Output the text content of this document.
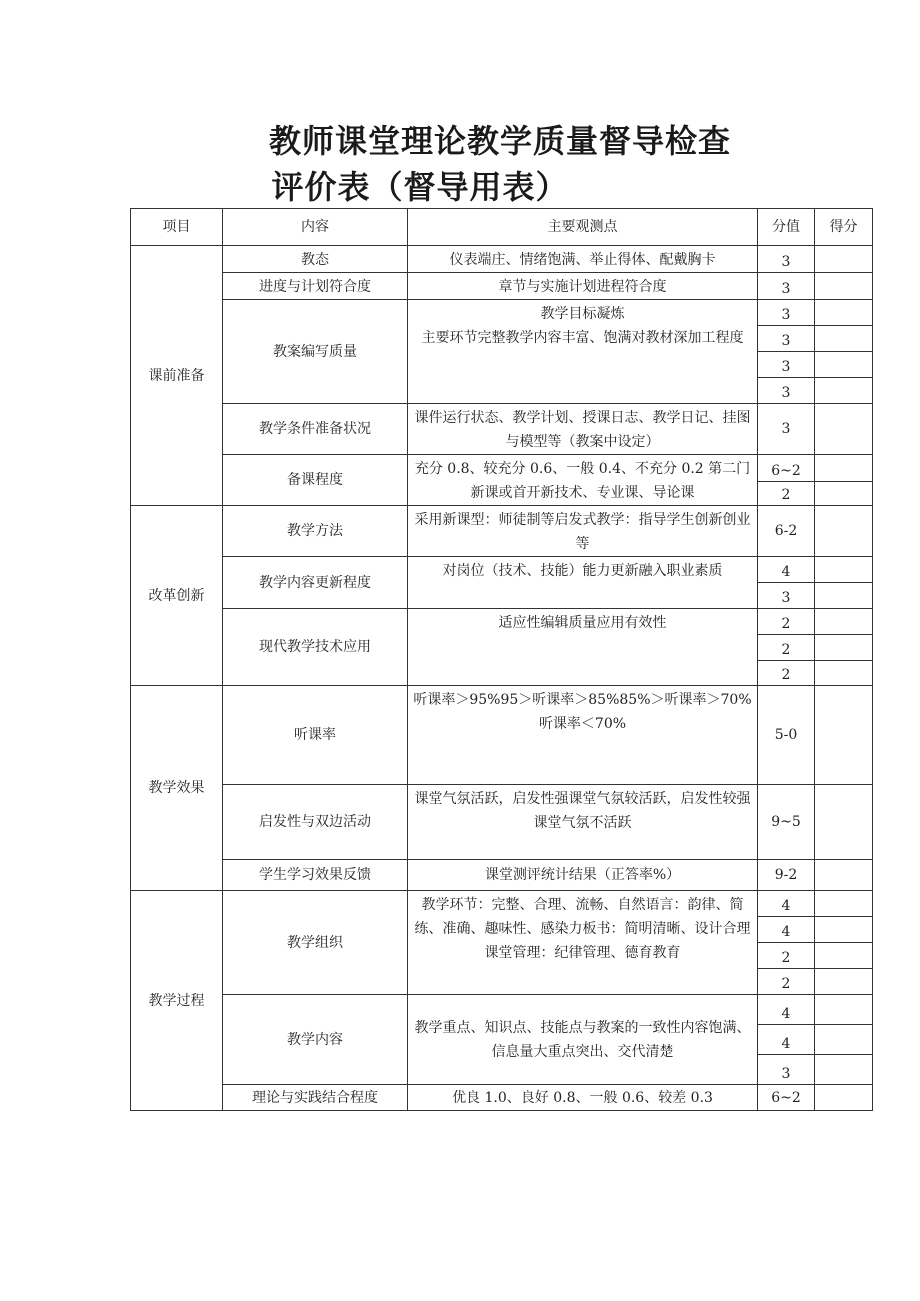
教师课堂理论教学质量督导检查
评价表（督导用表）
项目	内容	主要观测点	分值	得分
课前准备	教态	仪表端庄、情绪饱满、举止得体、配戴胸卡	3	
	进度与计划符合度	章节与实施计划进程符合度	3	
	教案编写质量	教学目标凝炼
主要环节完整教学内容丰富、饱满对教材深加工程度	3	
			3	
			3	
			3	
	教学条件准备状况	课件运行状态、教学计划、授课日志、教学日记、挂图与模型等（教案中设定）	3	
	备课程度	充分 0.8、较充分 0.6、一般 0.4、不充分 0.2 第二门
新课或首开新技术、专业课、导论课	6~2	
			2	
改革创新	教学方法	采用新课型：师徒制等启发式教学：指导学生创新创业等	6-2	
	教学内容更新程度	对岗位（技术、技能）能力更新融入职业素质	4	
			3	
	现代教学技术应用	适应性编辑质量应用有效性	2	
			2	
			2	
教学效果	听课率	听课率＞95%95＞听课率＞85%85%＞听课率＞70%听课率＜70%	5-0	
	启发性与双边活动	课堂气氛活跃，启发性强课堂气氛较活跃，启发性较强课堂气氛不活跃	9~5	
	学生学习效果反馈	课堂测评统计结果（正答率%）	9-2	
教学过程	教学组织	教学环节：完整、合理、流畅、自然语言：韵律、简练、准确、趣味性、感染力板书：简明清晰、设计合理课堂管理：纪律管理、德育教育	4	
			4	
			2	
			2	
	教学内容	教学重点、知识点、技能点与教案的一致性内容饱满、信息量大重点突出、交代清楚	4	
			4	
			3	
	理论与实践结合程度	优良 1.0、良好 0.8、一般 0.6、较差 0.3	6~2	
